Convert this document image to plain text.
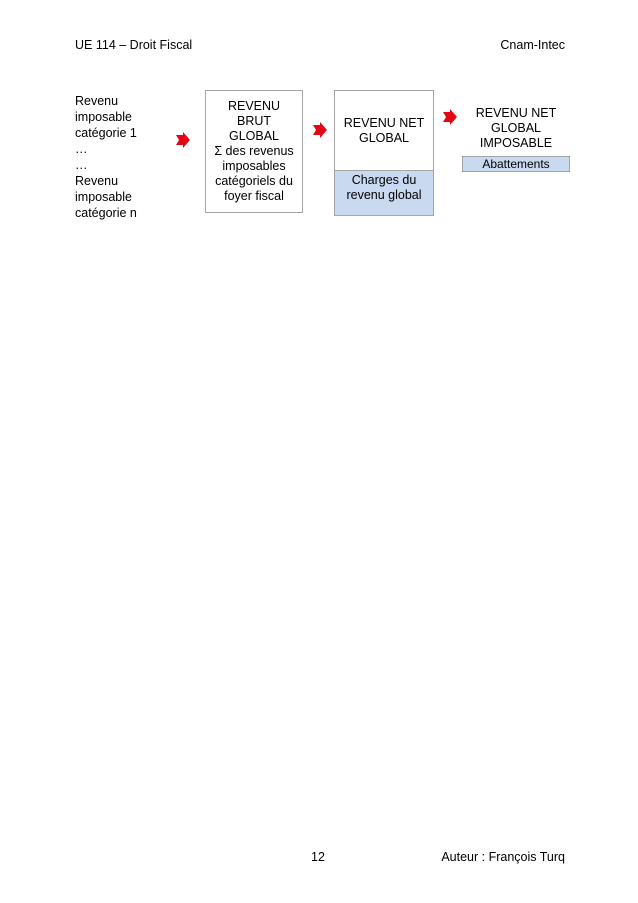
UE 114 – Droit Fiscal	Cnam-Intec
Revenu
imposable
catégorie 1
…
…
Revenu
imposable
catégorie n
REVENU
BRUT
GLOBAL
Σ des revenus
imposables
catégoriels du
foyer fiscal
REVENU NET
GLOBAL
Charges du
revenu global
REVENU NET
GLOBAL
IMPOSABLE
Abattements
12	Auteur : François Turq
